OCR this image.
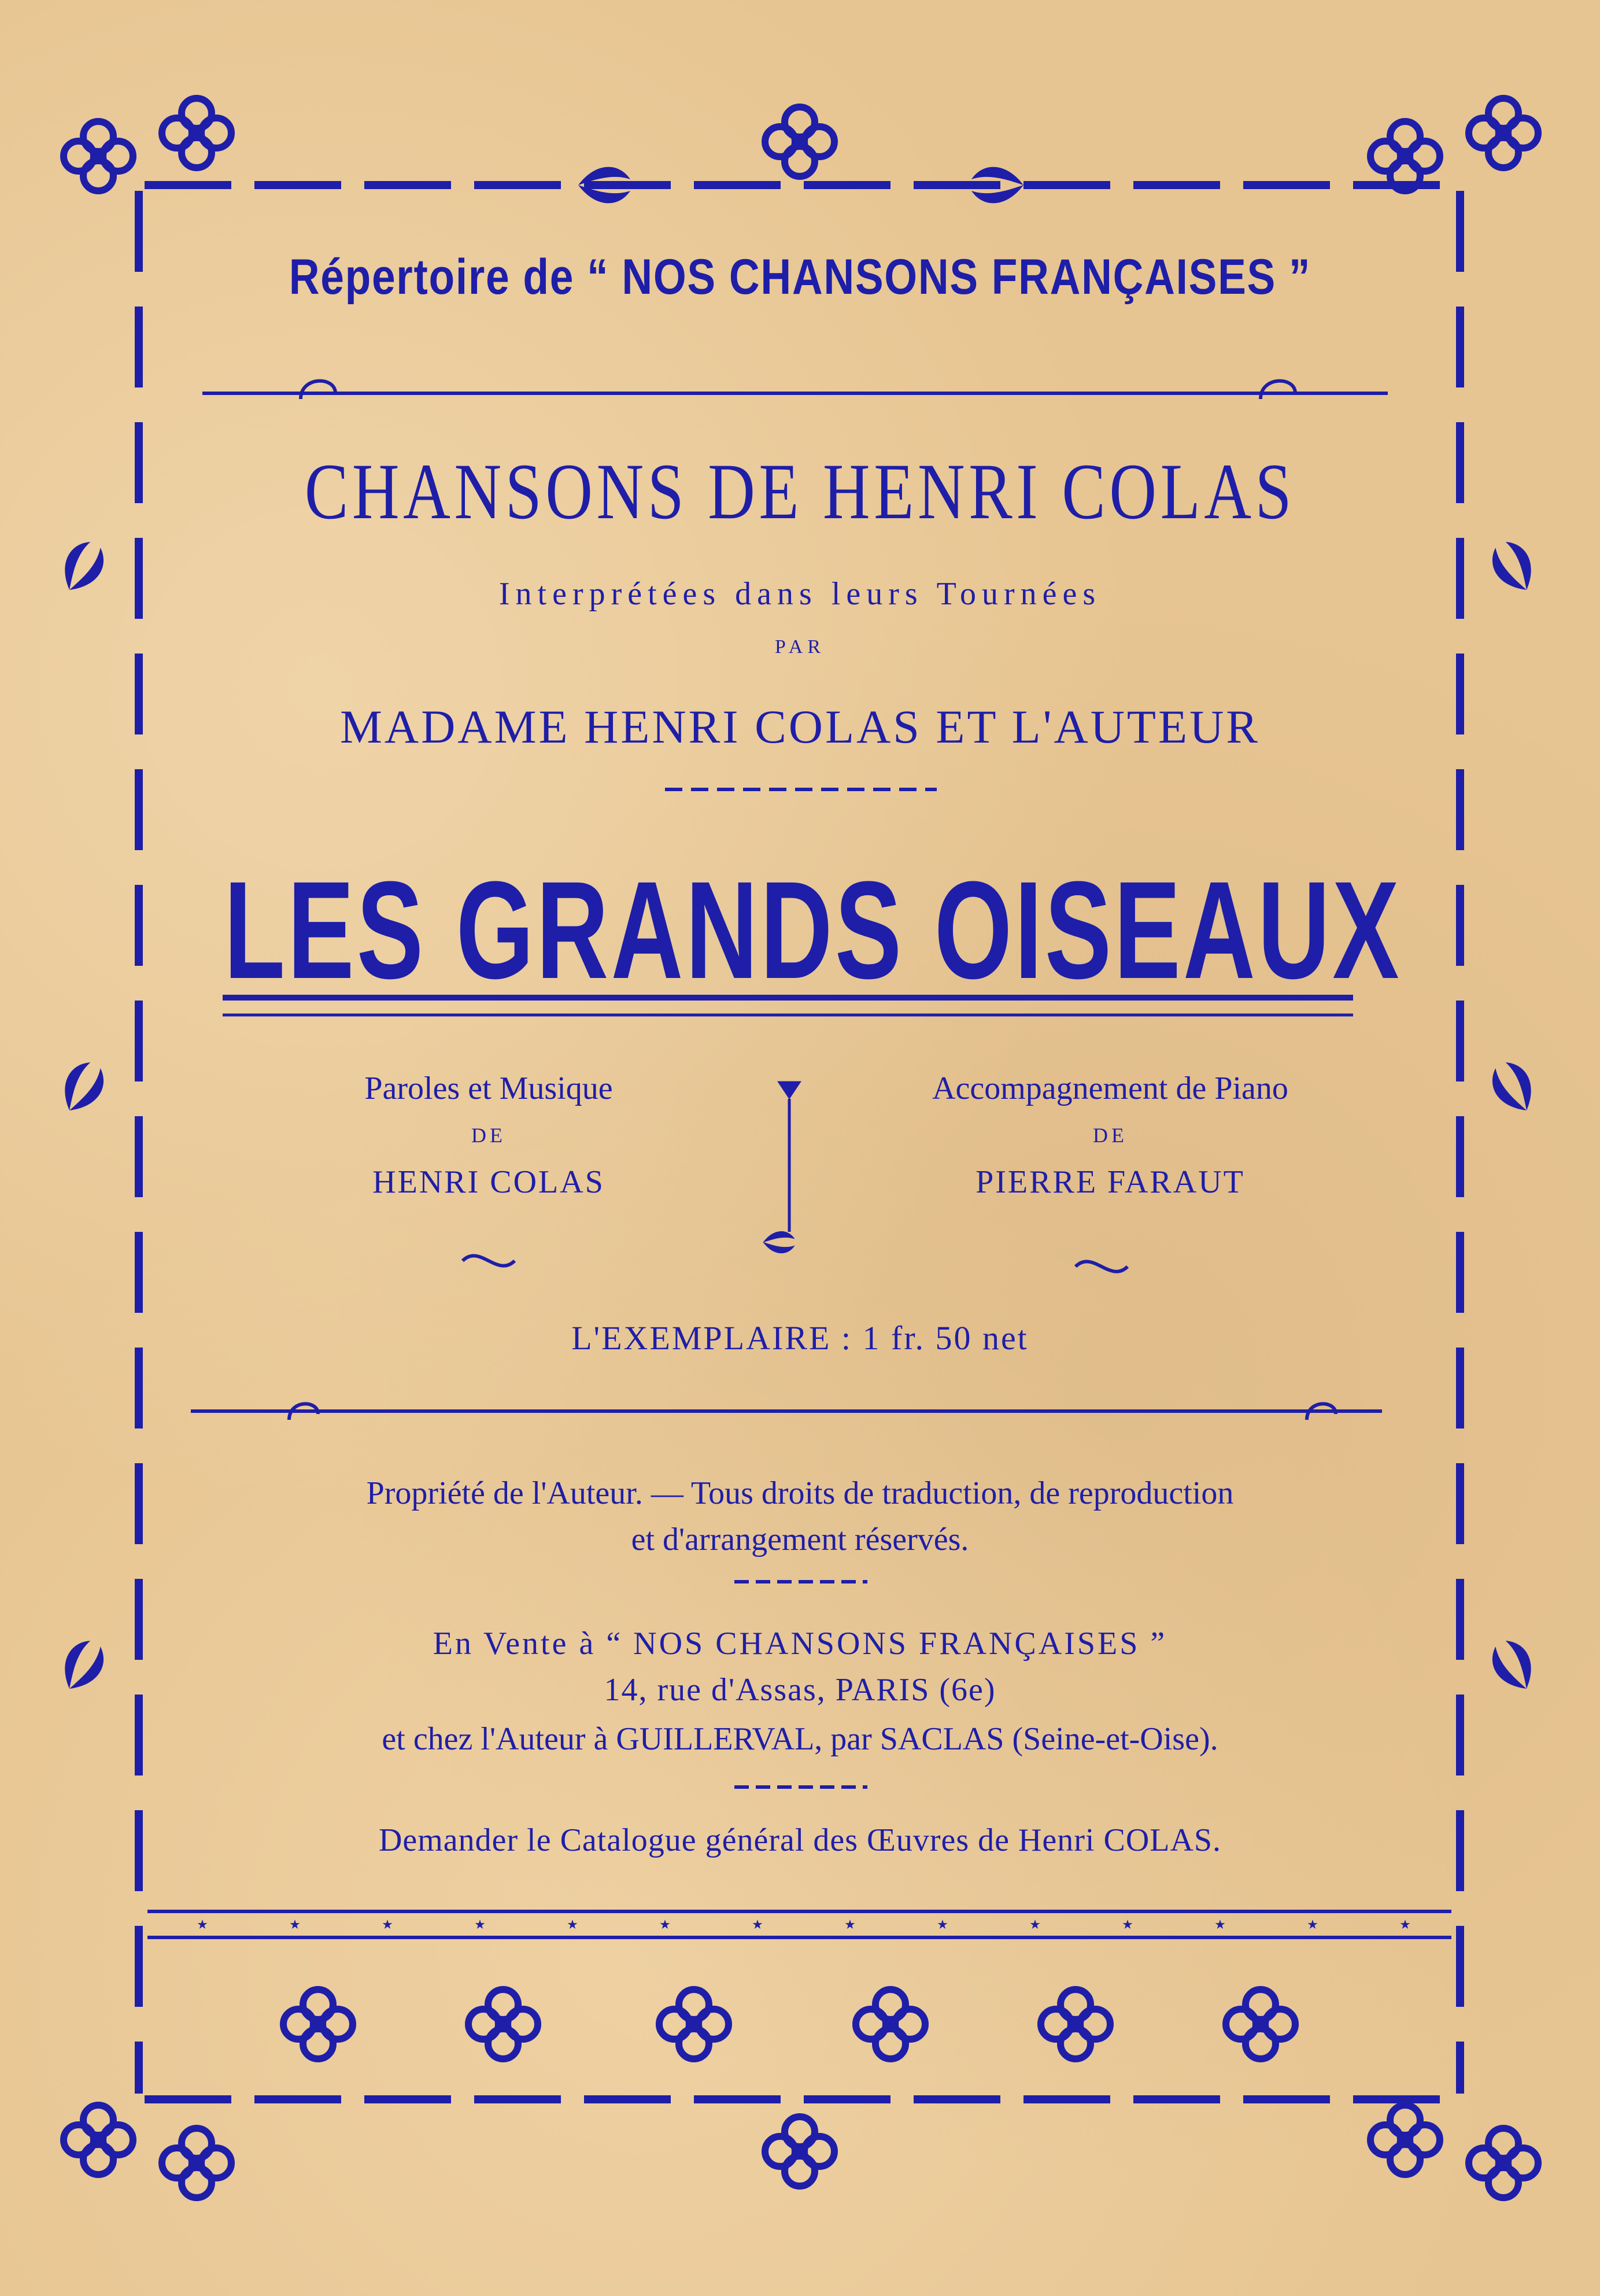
★	★	★	★	★	★	★	★	★	★	★	★	★	★
Répertoire de “ NOS CHANSONS FRANÇAISES ”
CHANSONS DE HENRI COLAS
Interprétées dans leurs Tournées
PAR
MADAME HENRI COLAS ET L'AUTEUR
LES GRANDS OISEAUX
Paroles et Musique
DE
HENRI COLAS
Accompagnement de Piano
DE
PIERRE FARAUT
L'EXEMPLAIRE : 1 fr. 50 net
Propriété de l'Auteur. — Tous droits de traduction, de reproduction
et d'arrangement réservés.
En Vente à “ NOS CHANSONS FRANÇAISES ”
14, rue d'Assas, PARIS (6e)
et chez l'Auteur à GUILLERVAL, par SACLAS (Seine-et-Oise).
Demander le Catalogue général des Œuvres de Henri COLAS.
